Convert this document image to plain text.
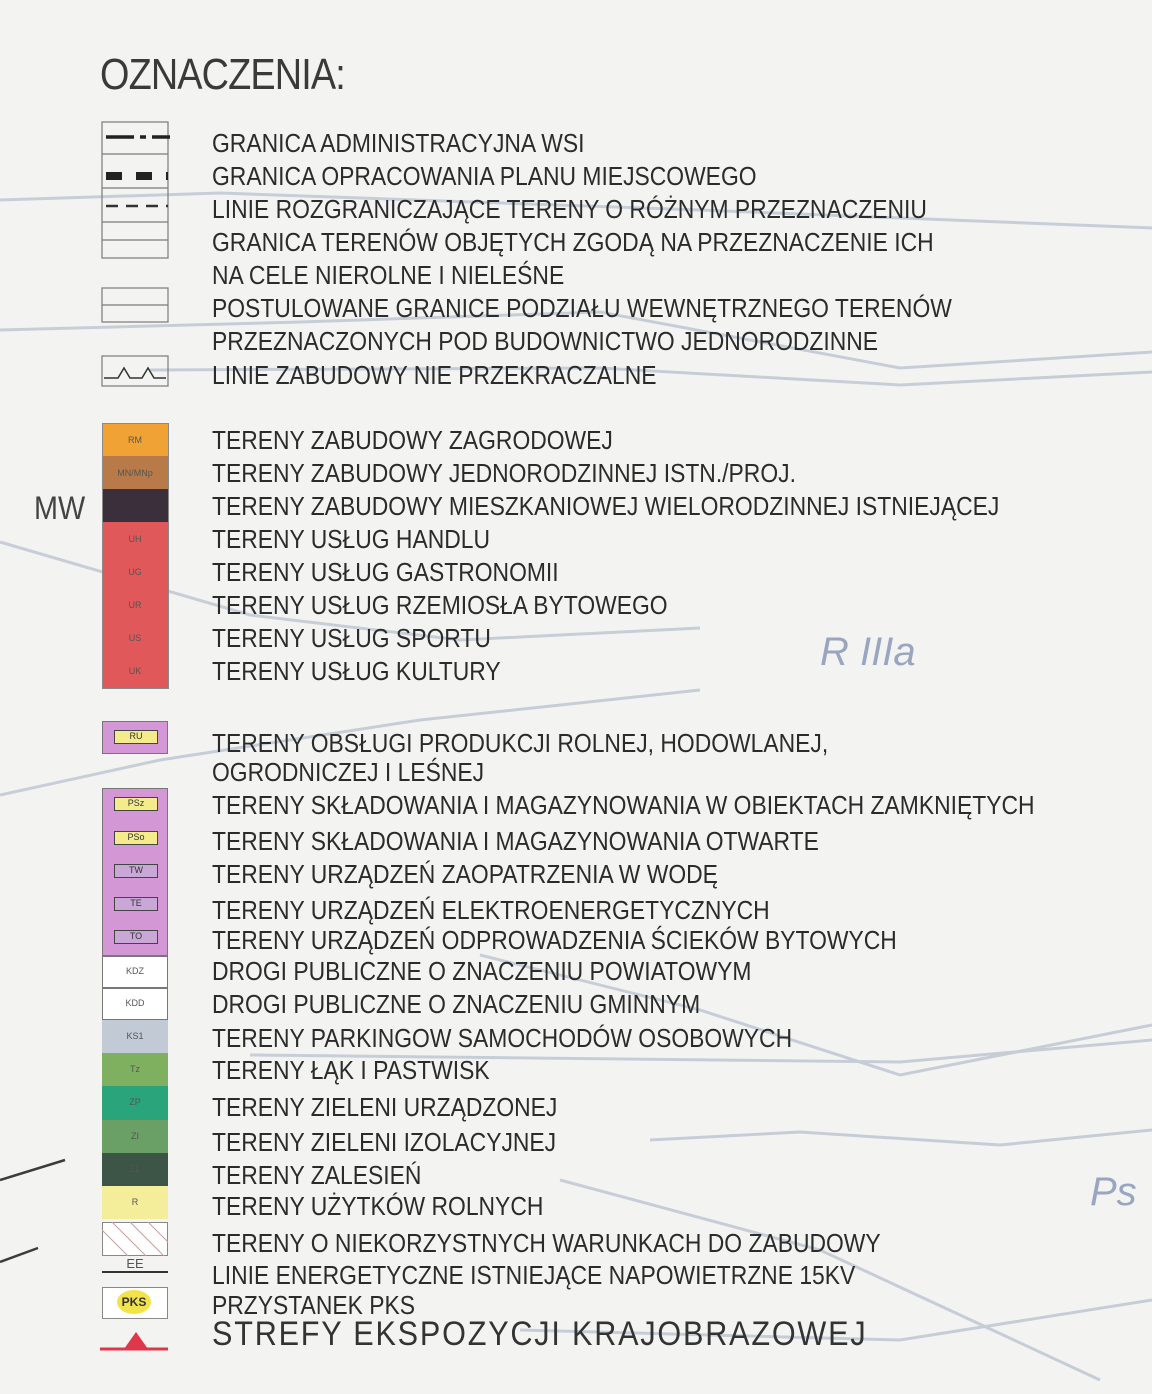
R IIIa
Ps
OZNACZENIA:
MW
GRANICA ADMINISTRACYJNA WSI
GRANICA OPRACOWANIA PLANU MIEJSCOWEGO
LINIE ROZGRANICZAJĄCE TERENY O RÓŻNYM PRZEZNACZENIU
GRANICA TERENÓW OBJĘTYCH ZGODĄ NA PRZEZNACZENIE ICH
NA CELE NIEROLNE I NIELEŚNE
POSTULOWANE GRANICE PODZIAŁU WEWNĘTRZNEGO TERENÓW
PRZEZNACZONYCH POD BUDOWNICTWO JEDNORODZINNE
LINIE ZABUDOWY NIE PRZEKRACZALNE
RM
MN/MNp
UH
UG
UR
US
UK
TERENY ZABUDOWY ZAGRODOWEJ
TERENY ZABUDOWY JEDNORODZINNEJ ISTN./PROJ.
TERENY ZABUDOWY MIESZKANIOWEJ WIELORODZINNEJ ISTNIEJĄCEJ
TERENY USŁUG HANDLU
TERENY USŁUG GASTRONOMII
TERENY USŁUG RZEMIOSŁA BYTOWEGO
TERENY USŁUG SPORTU
TERENY USŁUG KULTURY
RU
PSz
PSo
TW
TE
TO
TERENY OBSŁUGI PRODUKCJI ROLNEJ, HODOWLANEJ,
OGRODNICZEJ I LEŚNEJ
TERENY SKŁADOWANIA I MAGAZYNOWANIA W OBIEKTACH ZAMKNIĘTYCH
TERENY SKŁADOWANIA I MAGAZYNOWANIA OTWARTE
TERENY URZĄDZEŃ ZAOPATRZENIA W WODĘ
TERENY URZĄDZEŃ ELEKTROENERGETYCZNYCH
TERENY URZĄDZEŃ ODPROWADZENIA ŚCIEKÓW BYTOWYCH
KDZ
KDD
KS1
Tz
ZP
ZI
ZL
R
EE
PKS
DROGI PUBLICZNE O ZNACZENIU POWIATOWYM
DROGI PUBLICZNE O ZNACZENIU GMINNYM
TERENY PARKINGOW SAMOCHODÓW OSOBOWYCH
TERENY ŁĄK I PASTWISK
TERENY ZIELENI URZĄDZONEJ
TERENY ZIELENI IZOLACYJNEJ
TERENY ZALESIEŃ
TERENY UŻYTKÓW ROLNYCH
TERENY O NIEKORZYSTNYCH WARUNKACH DO ZABUDOWY
LINIE ENERGETYCZNE ISTNIEJĄCE NAPOWIETRZNE 15KV
PRZYSTANEK PKS
STREFY EKSPOZYCJI KRAJOBRAZOWEJ
